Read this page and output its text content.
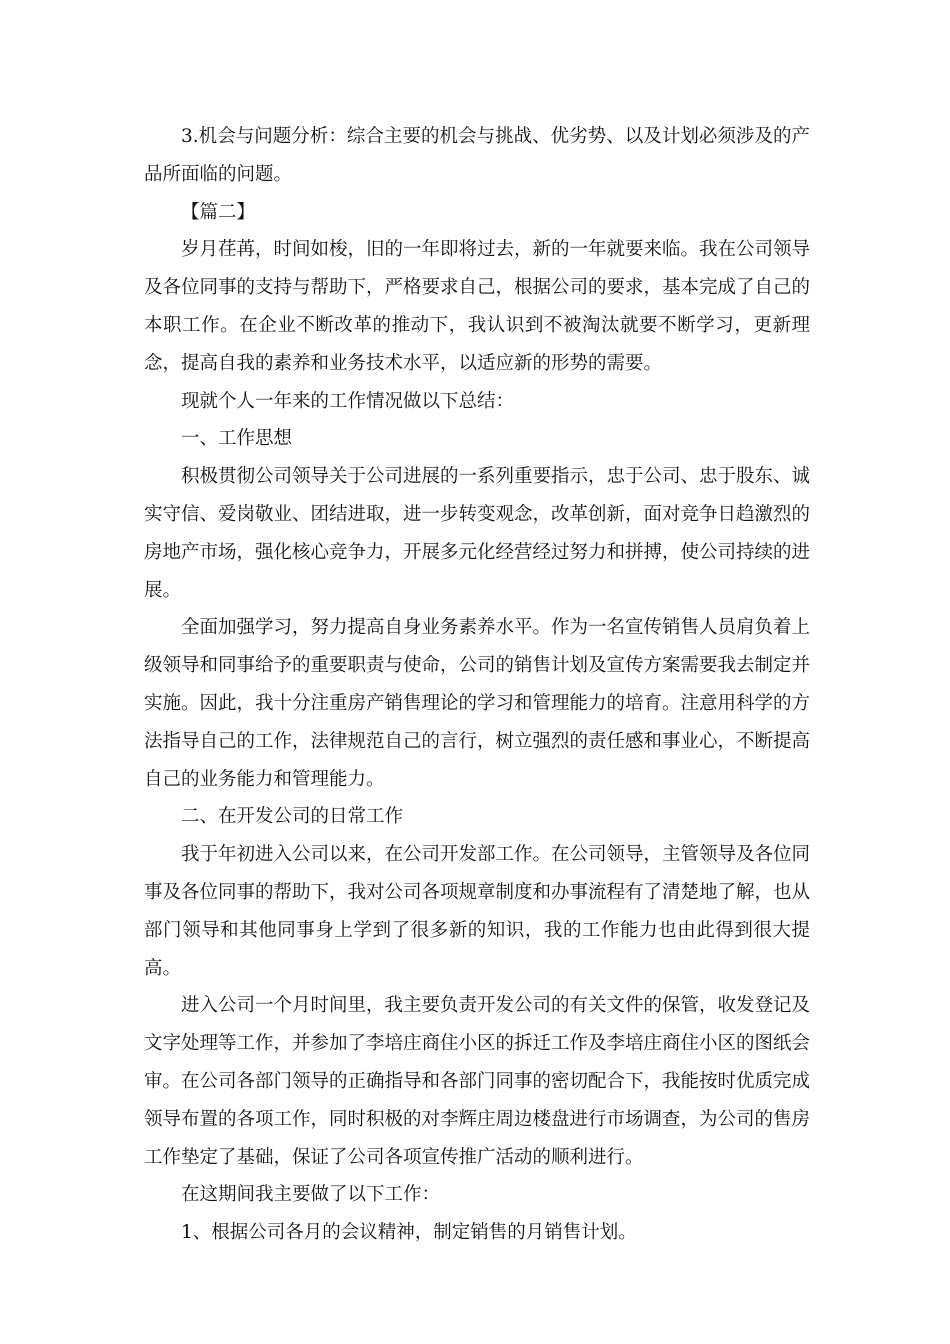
3.机会与问题分析：综合主要的机会与挑战、优劣势、以及计划必须涉及的产品所面临的问题。

【篇二】

岁月荏苒，时间如梭，旧的一年即将过去，新的一年就要来临。我在公司领导及各位同事的支持与帮助下，严格要求自己，根据公司的要求，基本完成了自己的本职工作。在企业不断改革的推动下，我认识到不被淘汰就要不断学习，更新理念，提高自我的素养和业务技术水平，以适应新的形势的需要。

现就个人一年来的工作情况做以下总结：

一、工作思想

积极贯彻公司领导关于公司进展的一系列重要指示，忠于公司、忠于股东、诚实守信、爱岗敬业、团结进取，进一步转变观念，改革创新，面对竞争日趋激烈的房地产市场，强化核心竞争力，开展多元化经营经过努力和拼搏，使公司持续的进展。

全面加强学习，努力提高自身业务素养水平。作为一名宣传销售人员肩负着上级领导和同事给予的重要职责与使命，公司的销售计划及宣传方案需要我去制定并实施。因此，我十分注重房产销售理论的学习和管理能力的培育。注意用科学的方法指导自己的工作，法律规范自己的言行，树立强烈的责任感和事业心，不断提高自己的业务能力和管理能力。

二、在开发公司的日常工作

我于年初进入公司以来，在公司开发部工作。在公司领导，主管领导及各位同事及各位同事的帮助下，我对公司各项规章制度和办事流程有了清楚地了解，也从部门领导和其他同事身上学到了很多新的知识，我的工作能力也由此得到很大提高。

进入公司一个月时间里，我主要负责开发公司的有关文件的保管，收发登记及文字处理等工作，并参加了李培庄商住小区的拆迁工作及李培庄商住小区的图纸会审。在公司各部门领导的正确指导和各部门同事的密切配合下，我能按时优质完成领导布置的各项工作，同时积极的对李辉庄周边楼盘进行市场调查，为公司的售房工作垫定了基础，保证了公司各项宣传推广活动的顺利进行。

在这期间我主要做了以下工作：

1、根据公司各月的会议精神，制定销售的月销售计划。
